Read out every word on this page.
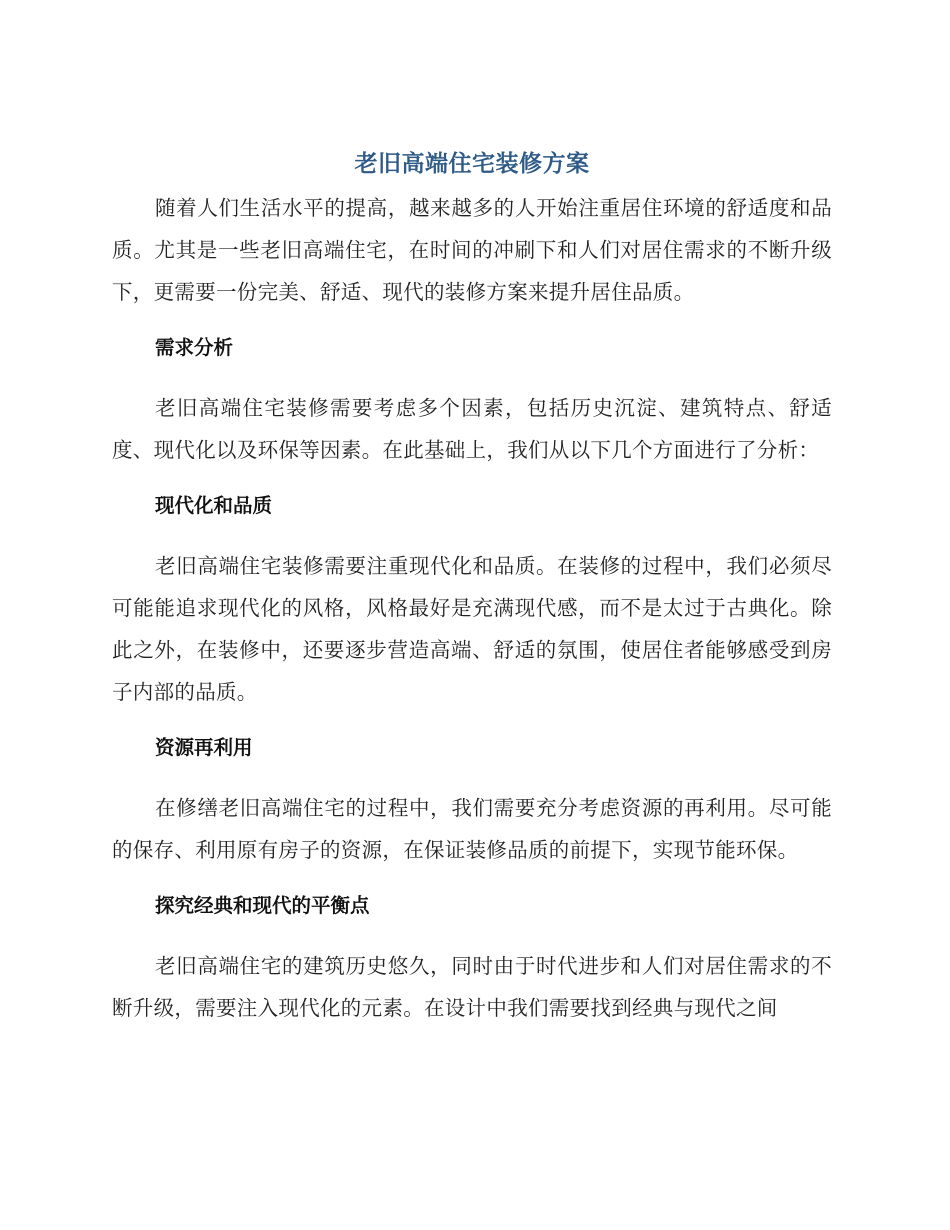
老旧高端住宅装修方案

随着人们生活水平的提高，越来越多的人开始注重居住环境的舒适度和品质。尤其是一些老旧高端住宅，在时间的冲刷下和人们对居住需求的不断升级下，更需要一份完美、舒适、现代的装修方案来提升居住品质。

需求分析

老旧高端住宅装修需要考虑多个因素，包括历史沉淀、建筑特点、舒适度、现代化以及环保等因素。在此基础上，我们从以下几个方面进行了分析：

现代化和品质

老旧高端住宅装修需要注重现代化和品质。在装修的过程中，我们必须尽可能能追求现代化的风格，风格最好是充满现代感，而不是太过于古典化。除此之外，在装修中，还要逐步营造高端、舒适的氛围，使居住者能够感受到房子内部的品质。

资源再利用

在修缮老旧高端住宅的过程中，我们需要充分考虑资源的再利用。尽可能的保存、利用原有房子的资源，在保证装修品质的前提下，实现节能环保。

探究经典和现代的平衡点

老旧高端住宅的建筑历史悠久，同时由于时代进步和人们对居住需求的不断升级，需要注入现代化的元素。在设计中我们需要找到经典与现代之间
